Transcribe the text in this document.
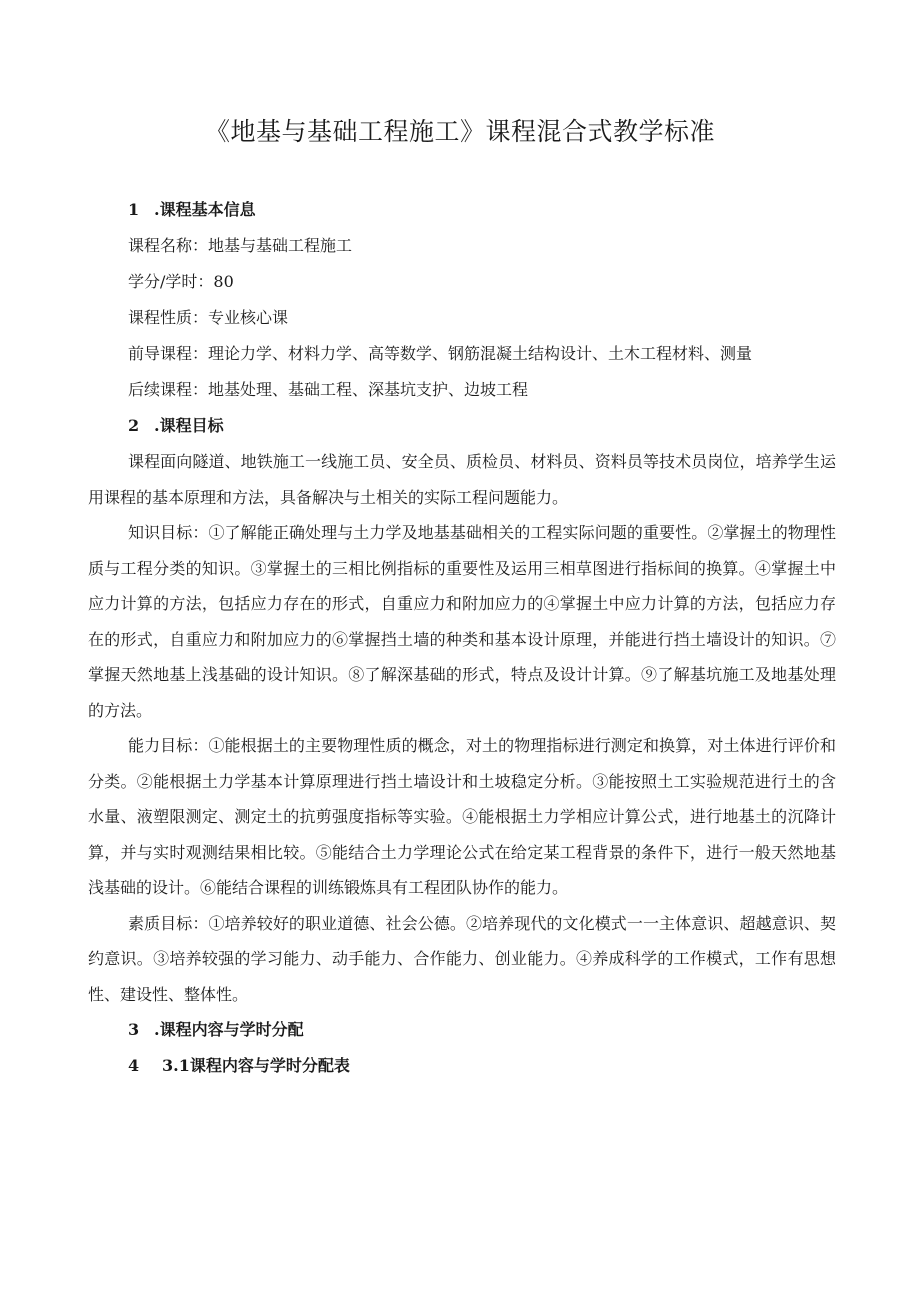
《地基与基础工程施工》课程混合式教学标准

1 .课程基本信息

课程名称：地基与基础工程施工

学分/学时：80

课程性质：专业核心课

前导课程：理论力学、材料力学、高等数学、钢筋混凝土结构设计、土木工程材料、测量

后续课程：地基处理、基础工程、深基坑支护、边坡工程

2 .课程目标

课程面向隧道、地铁施工一线施工员、安全员、质检员、材料员、资料员等技术员岗位，培养学生运用课程的基本原理和方法，具备解决与土相关的实际工程问题能力。

知识目标：①了解能正确处理与土力学及地基基础相关的工程实际问题的重要性。②掌握土的物理性质与工程分类的知识。③掌握土的三相比例指标的重要性及运用三相草图进行指标间的换算。④掌握土中应力计算的方法，包括应力存在的形式，自重应力和附加应力的④掌握土中应力计算的方法，包括应力存在的形式，自重应力和附加应力的⑥掌握挡土墙的种类和基本设计原理，并能进行挡土墙设计的知识。⑦掌握天然地基上浅基础的设计知识。⑧了解深基础的形式，特点及设计计算。⑨了解基坑施工及地基处理的方法。

能力目标：①能根据土的主要物理性质的概念，对土的物理指标进行测定和换算，对土体进行评价和分类。②能根据土力学基本计算原理进行挡土墙设计和土坡稳定分析。③能按照土工实验规范进行土的含水量、液塑限测定、测定土的抗剪强度指标等实验。④能根据土力学相应计算公式，进行地基土的沉降计算，并与实时观测结果相比较。⑤能结合土力学理论公式在给定某工程背景的条件下，进行一般天然地基浅基础的设计。⑥能结合课程的训练锻炼具有工程团队协作的能力。

素质目标：①培养较好的职业道德、社会公德。②培养现代的文化模式一一主体意识、超越意识、契约意识。③培养较强的学习能力、动手能力、合作能力、创业能力。④养成科学的工作模式，工作有思想性、建设性、整体性。

3 .课程内容与学时分配

4 3.1课程内容与学时分配表
